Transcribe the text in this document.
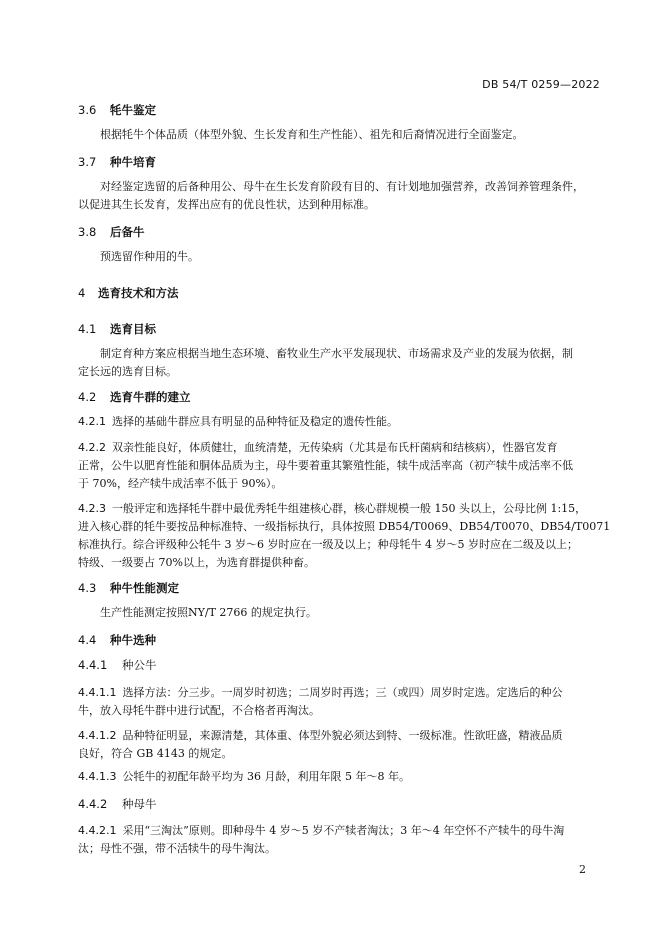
DB 54/T 0259—2022
3.6 牦牛鉴定
根据牦牛个体品质（体型外貌、生长发育和生产性能）、祖先和后裔情况进行全面鉴定。
3.7 种牛培育
对经鉴定选留的后备种用公、母牛在生长发育阶段有目的、有计划地加强营养，改善饲养管理条件，
以促进其生长发育，发挥出应有的优良性状，达到种用标准。
3.8 后备牛
预选留作种用的牛。
4 选育技术和方法
4.1 选育目标
制定育种方案应根据当地生态环境、畜牧业生产水平发展现状、市场需求及产业的发展为依据，制
定长远的选育目标。
4.2 选育牛群的建立
4.2.1 选择的基础牛群应具有明显的品种特征及稳定的遗传性能。
4.2.2 双亲性能良好，体质健壮，血统清楚，无传染病（尤其是布氏杆菌病和结核病），性器官发育
正常，公牛以肥育性能和胴体品质为主，母牛要着重其繁殖性能，犊牛成活率高（初产犊牛成活率不低
于 70%，经产犊牛成活率不低于 90%）。
4.2.3 一般评定和选择牦牛群中最优秀牦牛组建核心群，核心群规模一般 150 头以上，公母比例 1:15，
进入核心群的牦牛要按品种标准特、一级指标执行，具体按照 DB54/T0069、DB54/T0070、DB54/T0071
标准执行。综合评级种公牦牛 3 岁～6 岁时应在一级及以上；种母牦牛 4 岁～5 岁时应在二级及以上；
特级、一级要占 70%以上，为选育群提供种畜。
4.3 种牛性能测定
生产性能测定按照NY/T 2766 的规定执行。
4.4 种牛选种
4.4.1 种公牛
4.4.1.1 选择方法：分三步。一周岁时初选；二周岁时再选；三（或四）周岁时定选。定选后的种公
牛，放入母牦牛群中进行试配，不合格者再淘汰。
4.4.1.2 品种特征明显，来源清楚，其体重、体型外貌必须达到特、一级标准。性欲旺盛，精液品质
良好，符合 GB 4143 的规定。
4.4.1.3 公牦牛的初配年龄平均为 36 月龄，利用年限 5 年～8 年。
4.4.2 种母牛
4.4.2.1 采用“三淘汰”原则。即种母牛 4 岁～5 岁不产犊者淘汰；3 年～4 年空怀不产犊牛的母牛淘
汰；母性不强，带不活犊牛的母牛淘汰。
2
